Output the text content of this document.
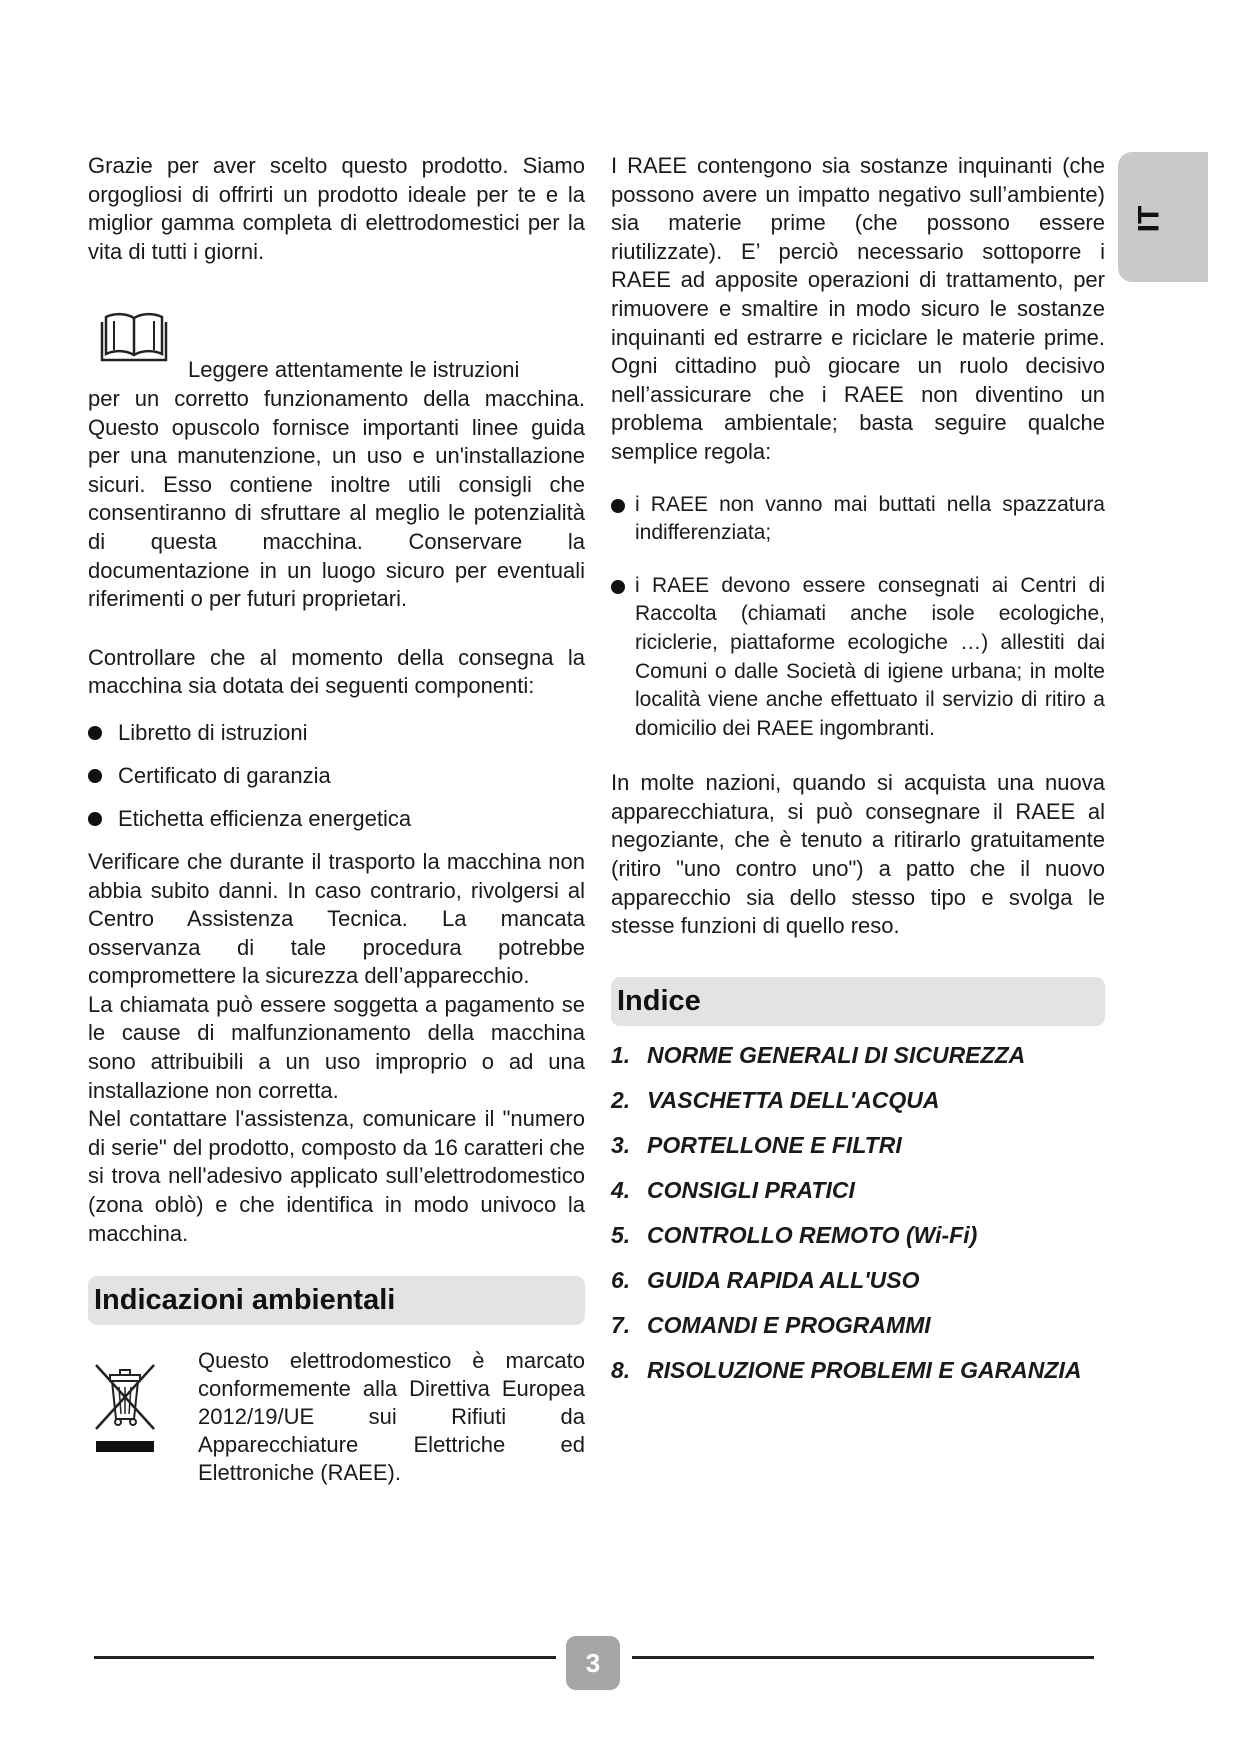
IT

Grazie per aver scelto questo prodotto. Siamo orgogliosi di offrirti un prodotto ideale per te e la miglior gamma completa di elettrodomestici per la vita di tutti i giorni.

Leggere attentamente le istruzioni
per un corretto funzionamento della macchina. Questo opuscolo fornisce importanti linee guida per una manutenzione, un uso e un'installazione sicuri. Esso contiene inoltre utili consigli che consentiranno di sfruttare al meglio le potenzialità di questa macchina. Conservare la documentazione in un luogo sicuro per eventuali riferimenti o per futuri proprietari.

Controllare che al momento della consegna la macchina sia dotata dei seguenti componenti:

Libretto di istruzioni
Certificato di garanzia
Etichetta efficienza energetica

Verificare che durante il trasporto la macchina non abbia subito danni. In caso contrario, rivolgersi al Centro Assistenza Tecnica. La mancata osservanza di tale procedura potrebbe compromettere la sicurezza dell’apparecchio.

La chiamata può essere soggetta a pagamento se le cause di malfunzionamento della macchina sono attribuibili a un uso improprio o ad una installazione non corretta.

Nel contattare l'assistenza, comunicare il "numero di serie" del prodotto, composto da 16 caratteri che si trova nell'adesivo applicato sull’elettrodomestico (zona oblò) e che identifica in modo univoco la macchina.

Indicazioni ambientali

Questo elettrodomestico è marcato conformemente alla Direttiva Europea 2012/19/UE sui Rifiuti da Apparecchiature Elettriche ed Elettroniche (RAEE).

I RAEE contengono sia sostanze inquinanti (che possono avere un impatto negativo sull’ambiente) sia materie prime (che possono essere riutilizzate). E’ perciò necessario sottoporre i RAEE ad apposite operazioni di trattamento, per rimuovere e smaltire in modo sicuro le sostanze inquinanti ed estrarre e riciclare le materie prime. Ogni cittadino può giocare un ruolo decisivo nell’assicurare che i RAEE non diventino un problema ambientale; basta seguire qualche semplice regola:

i RAEE non vanno mai buttati nella spazzatura indifferenziata;

i RAEE devono essere consegnati ai Centri di Raccolta (chiamati anche isole ecologiche, riciclerie, piattaforme ecologiche …) allestiti dai Comuni o dalle Società di igiene urbana; in molte località viene anche effettuato il servizio di ritiro a domicilio dei RAEE ingombranti.

In molte nazioni, quando si acquista una nuova apparecchiatura, si può consegnare il RAEE al negoziante, che è tenuto a ritirarlo gratuitamente (ritiro "uno contro uno") a patto che il nuovo apparecchio sia dello stesso tipo e svolga le stesse funzioni di quello reso.

Indice
1. NORME GENERALI DI SICUREZZA
2. VASCHETTA DELL'ACQUA
3. PORTELLONE E FILTRI
4. CONSIGLI PRATICI
5. CONTROLLO REMOTO (Wi-Fi)
6. GUIDA RAPIDA ALL'USO
7. COMANDI E PROGRAMMI
8. RISOLUZIONE PROBLEMI E GARANZIA
3
